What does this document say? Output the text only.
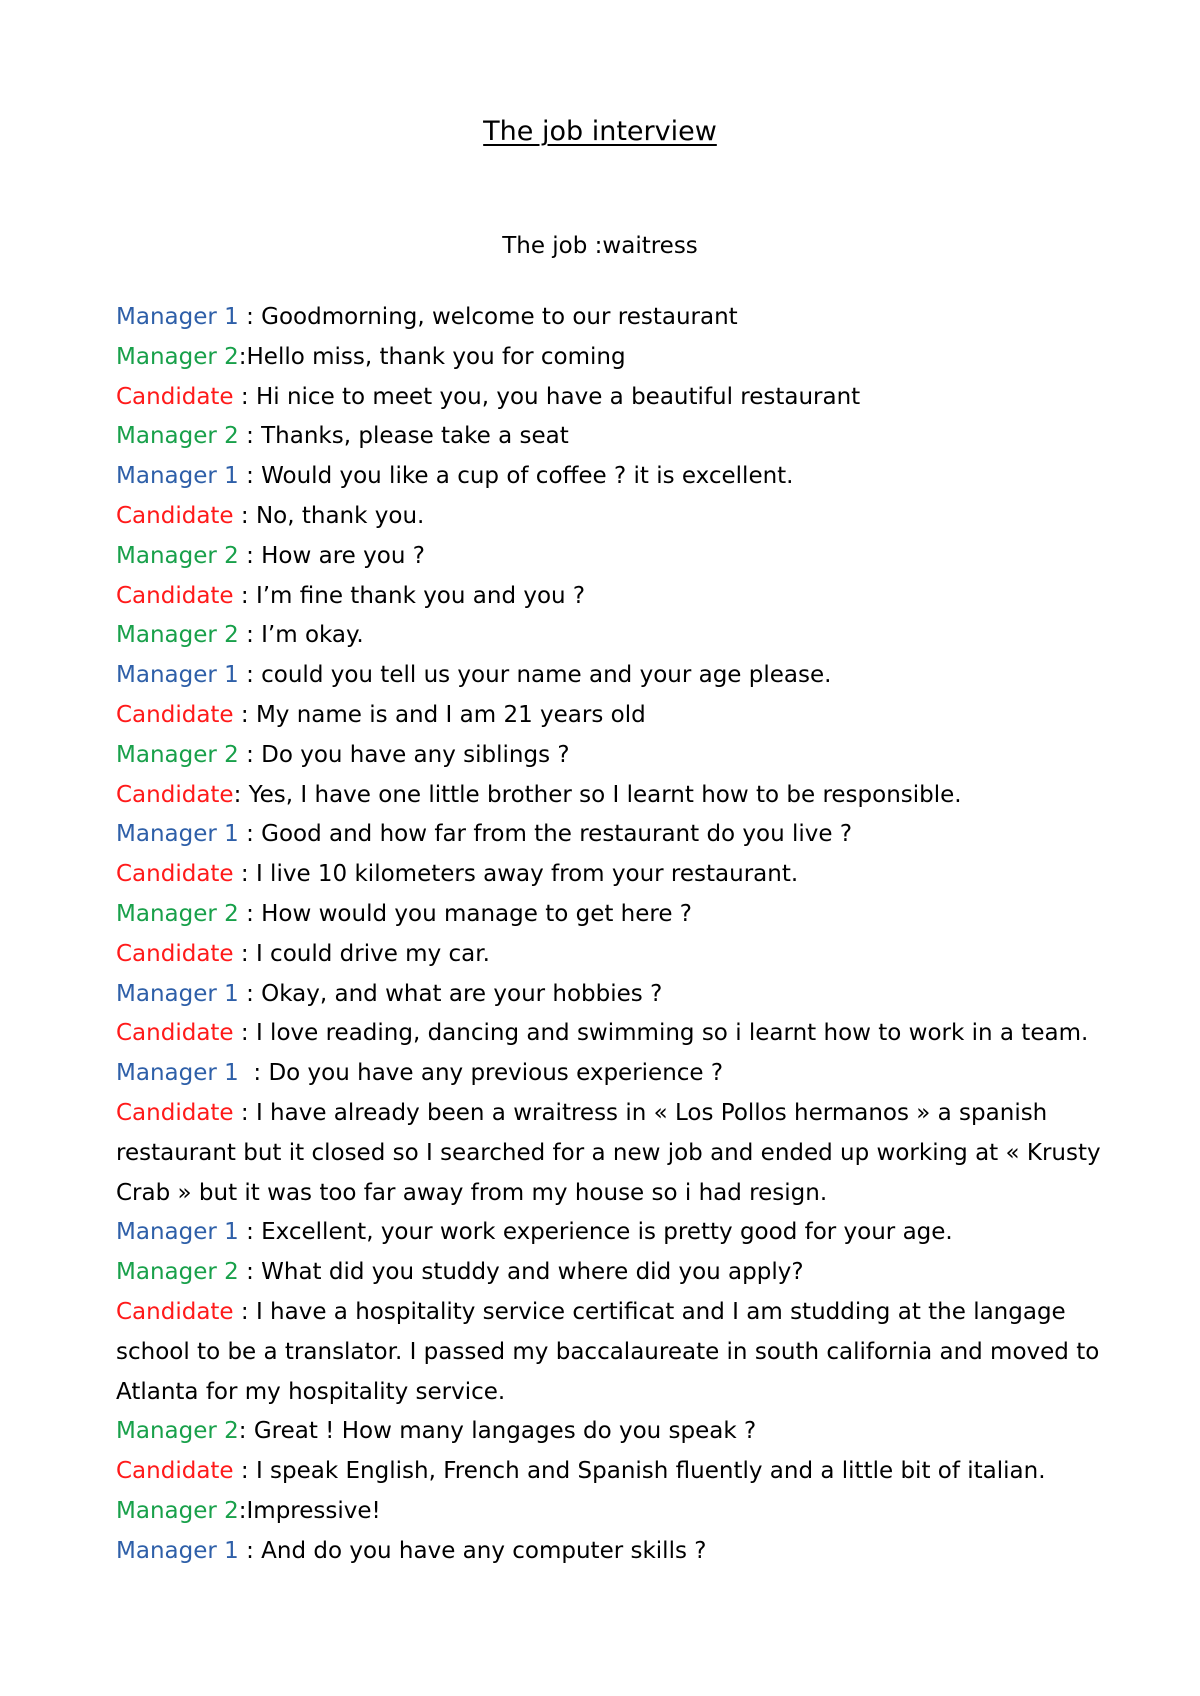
The job interview
The job :waitress

Manager 1 : Goodmorning, welcome to our restaurant

Manager 2:Hello miss, thank you for coming

Candidate : Hi nice to meet you, you have a beautiful restaurant

Manager 2 : Thanks, please take a seat

Manager 1 : Would you like a cup of coffee ? it is excellent.

Candidate : No, thank you.

Manager 2 : How are you ?

Candidate : I’m fine thank you and you ?

Manager 2 : I’m okay.

Manager 1 : could you tell us your name and your age please.

Candidate : My name is and I am 21 years old

Manager 2 : Do you have any siblings ?

Candidate: Yes, I have one little brother so I learnt how to be responsible.

Manager 1 : Good and how far from the restaurant do you live ?

Candidate : I live 10 kilometers away from your restaurant.

Manager 2 : How would you manage to get here ?

Candidate : I could drive my car.

Manager 1 : Okay, and what are your hobbies ?

Candidate : I love reading, dancing and swimming so i learnt how to work in a team.

Manager 1  : Do you have any previous experience ?

Candidate : I have already been a wraitress in « Los Pollos hermanos » a spanish restaurant but it closed so I searched for a new job and ended up working at « Krusty Crab » but it was too far away from my house so i had resign.

Manager 1 : Excellent, your work experience is pretty good for your age.

Manager 2 : What did you studdy and where did you apply?

Candidate : I have a hospitality service certificat and I am studding at the langage school to be a translator. I passed my baccalaureate in south california and moved to Atlanta for my hospitality service.

Manager 2: Great ! How many langages do you speak ?

Candidate : I speak English, French and Spanish fluently and a little bit of italian.

Manager 2:Impressive!

Manager 1 : And do you have any computer skills ?
